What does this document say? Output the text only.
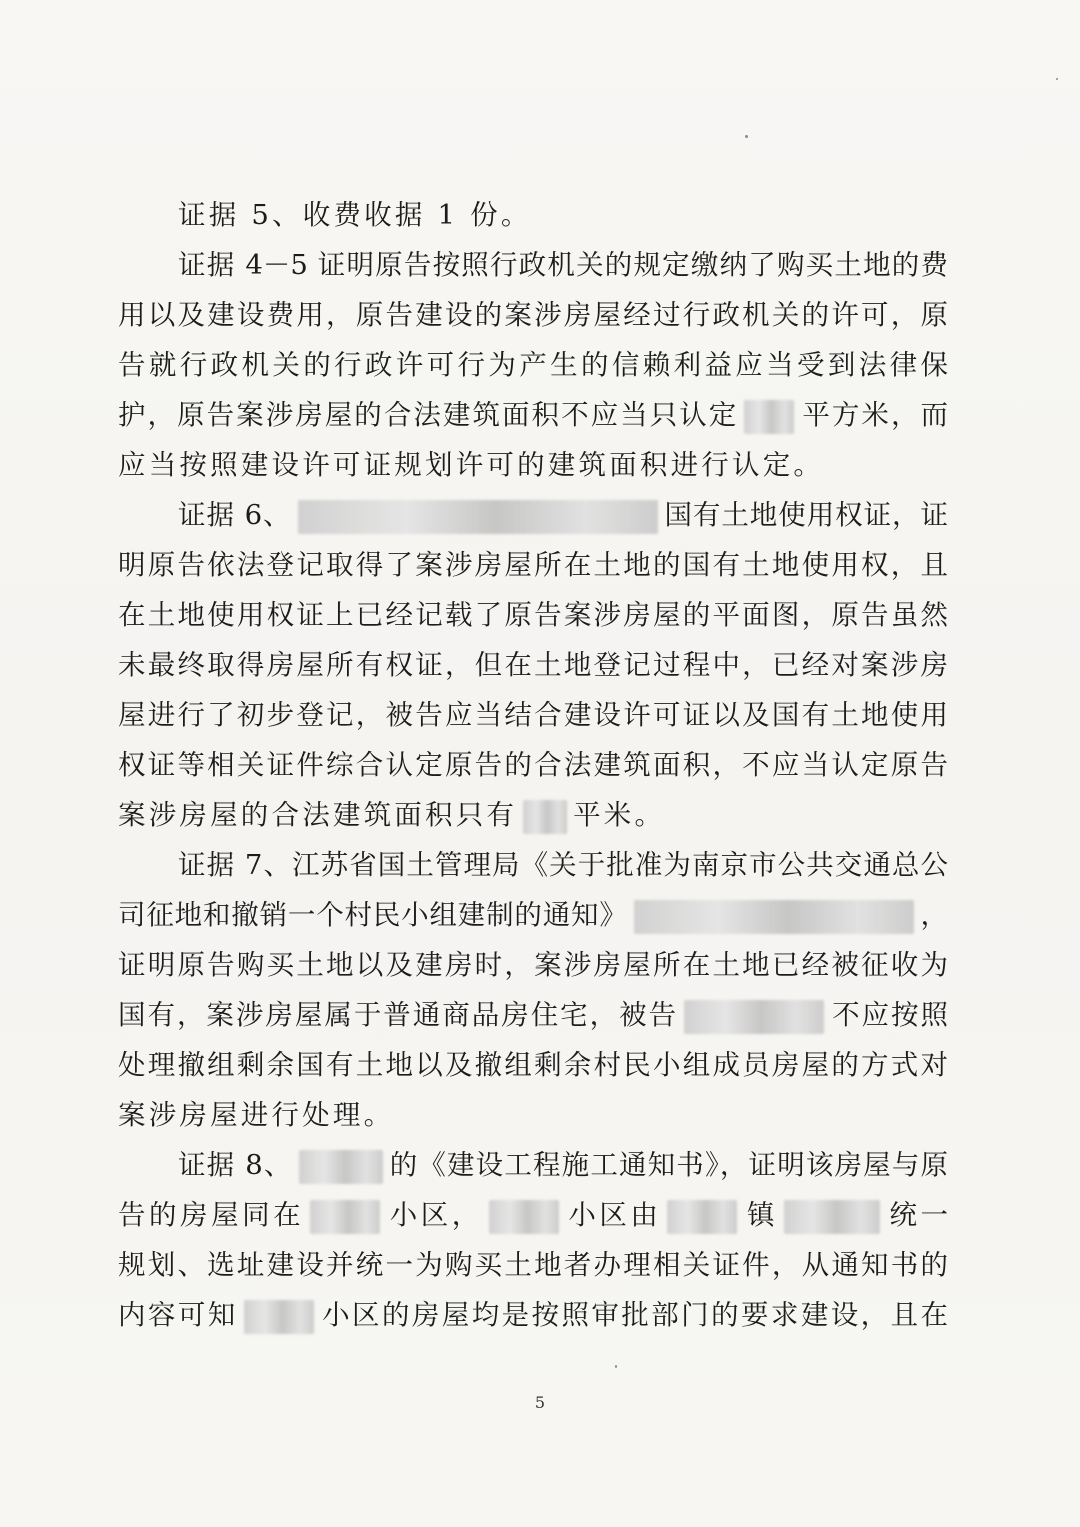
证据 5、收费收据 1 份。
证据 4－5 证明原告按照行政机关的规定缴纳了购买土地的费
用以及建设费用，原告建设的案涉房屋经过行政机关的许可，原
告就行政机关的行政许可行为产生的信赖利益应当受到法律保
护，原告案涉房屋的合法建筑面积不应当只认定 平方米，而
应当按照建设许可证规划许可的建筑面积进行认定。
证据 6、	国有土地使用权证，证
明原告依法登记取得了案涉房屋所在土地的国有土地使用权，且
在土地使用权证上已经记载了原告案涉房屋的平面图，原告虽然
未最终取得房屋所有权证，但在土地登记过程中，已经对案涉房
屋进行了初步登记，被告应当结合建设许可证以及国有土地使用
权证等相关证件综合认定原告的合法建筑面积，不应当认定原告
案涉房屋的合法建筑面积只有 平米。
证据 7、江苏省国土管理局《关于批准为南京市公共交通总公
司征地和撤销一个村民小组建制的通知》	，
证明原告购买土地以及建房时，案涉房屋所在土地已经被征收为
国有，案涉房屋属于普通商品房住宅，被告	不应按照
处理撤组剩余国有土地以及撤组剩余村民小组成员房屋的方式对
案涉房屋进行处理。
证据 8、	的《建设工程施工通知书》，证明该房屋与原
告的房屋同在	小区，	小区由	镇	统一
规划、选址建设并统一为购买土地者办理相关证件，从通知书的
内容可知	小区的房屋均是按照审批部门的要求建设，且在
5
